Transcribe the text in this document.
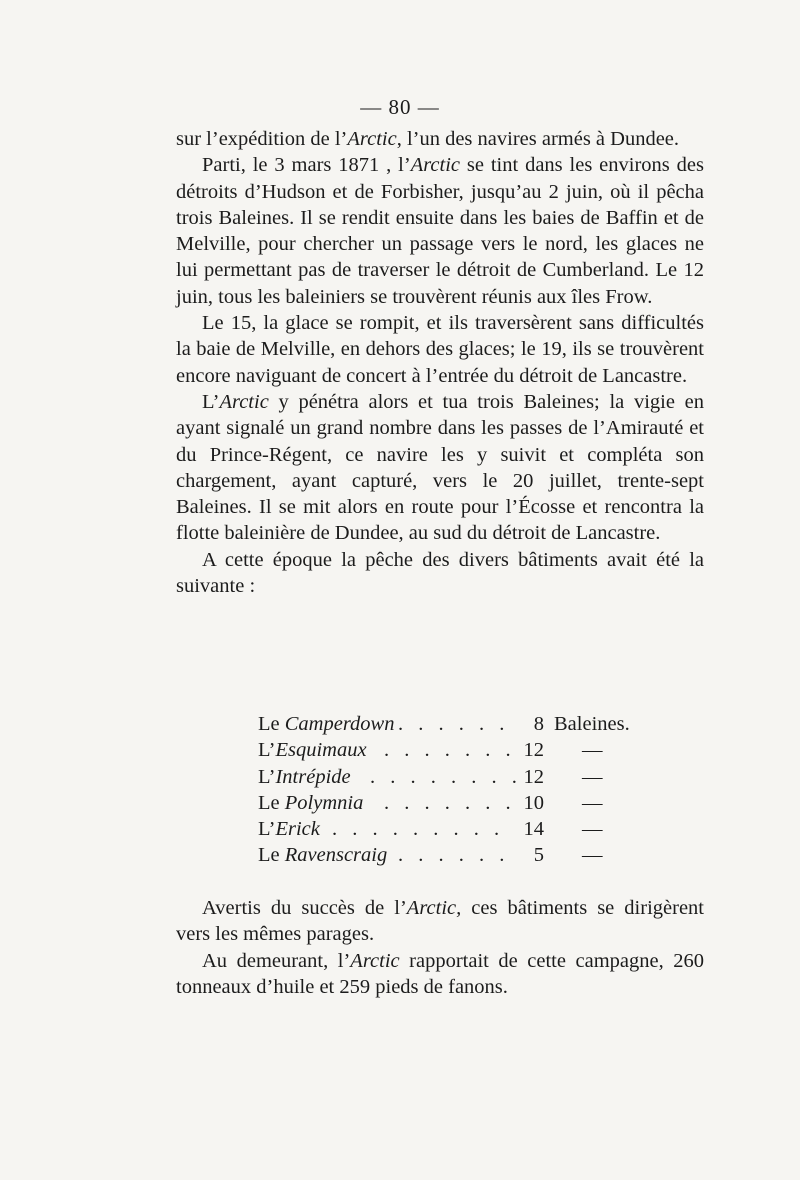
— 80 —

sur l’expédition de l’Arctic, l’un des navires armés à Dundee.

Parti, le 3 mars 1871 , l’Arctic se tint dans les environs des détroits d’Hudson et de Forbisher, jusqu’au 2 juin, où il pêcha trois Baleines. Il se rendit ensuite dans les baies de Baffin et de Melville, pour chercher un passage vers le nord, les glaces ne lui permettant pas de traverser le détroit de Cumberland. Le 12 juin, tous les baleiniers se trouvèrent réunis aux îles Frow.

Le 15, la glace se rompit, et ils traversèrent sans difficultés la baie de Melville, en dehors des glaces; le 19, ils se trouvèrent encore naviguant de concert à l’entrée du détroit de Lancastre.

L’Arctic y pénétra alors et tua trois Baleines; la vigie en ayant signalé un grand nombre dans les passes de l’Amirauté et du Prince-Régent, ce navire les y suivit et compléta son chargement, ayant capturé, vers le 20 juillet, trente-sept Baleines. Il se mit alors en route pour l’Écosse et rencontra la flotte baleinière de Dundee, au sud du détroit de Lancastre.

A cette époque la pêche des divers bâtiments avait été la suivante :

Le Camperdown . . . . . .	8 Baleines.
L’Esquimaux . . . . . . . 12 —
L’Intrépide . . . . . . . . 12 —
Le Polymnia . . . . . . . 10 —
L’Erick . . . . . . . . . 14 —
Le Ravenscraig . . . . . .	5 —

Avertis du succès de l’Arctic, ces bâtiments se dirigèrent vers les mêmes parages.

Au demeurant, l’Arctic rapportait de cette campagne, 260 tonneaux d’huile et 259 pieds de fanons.
